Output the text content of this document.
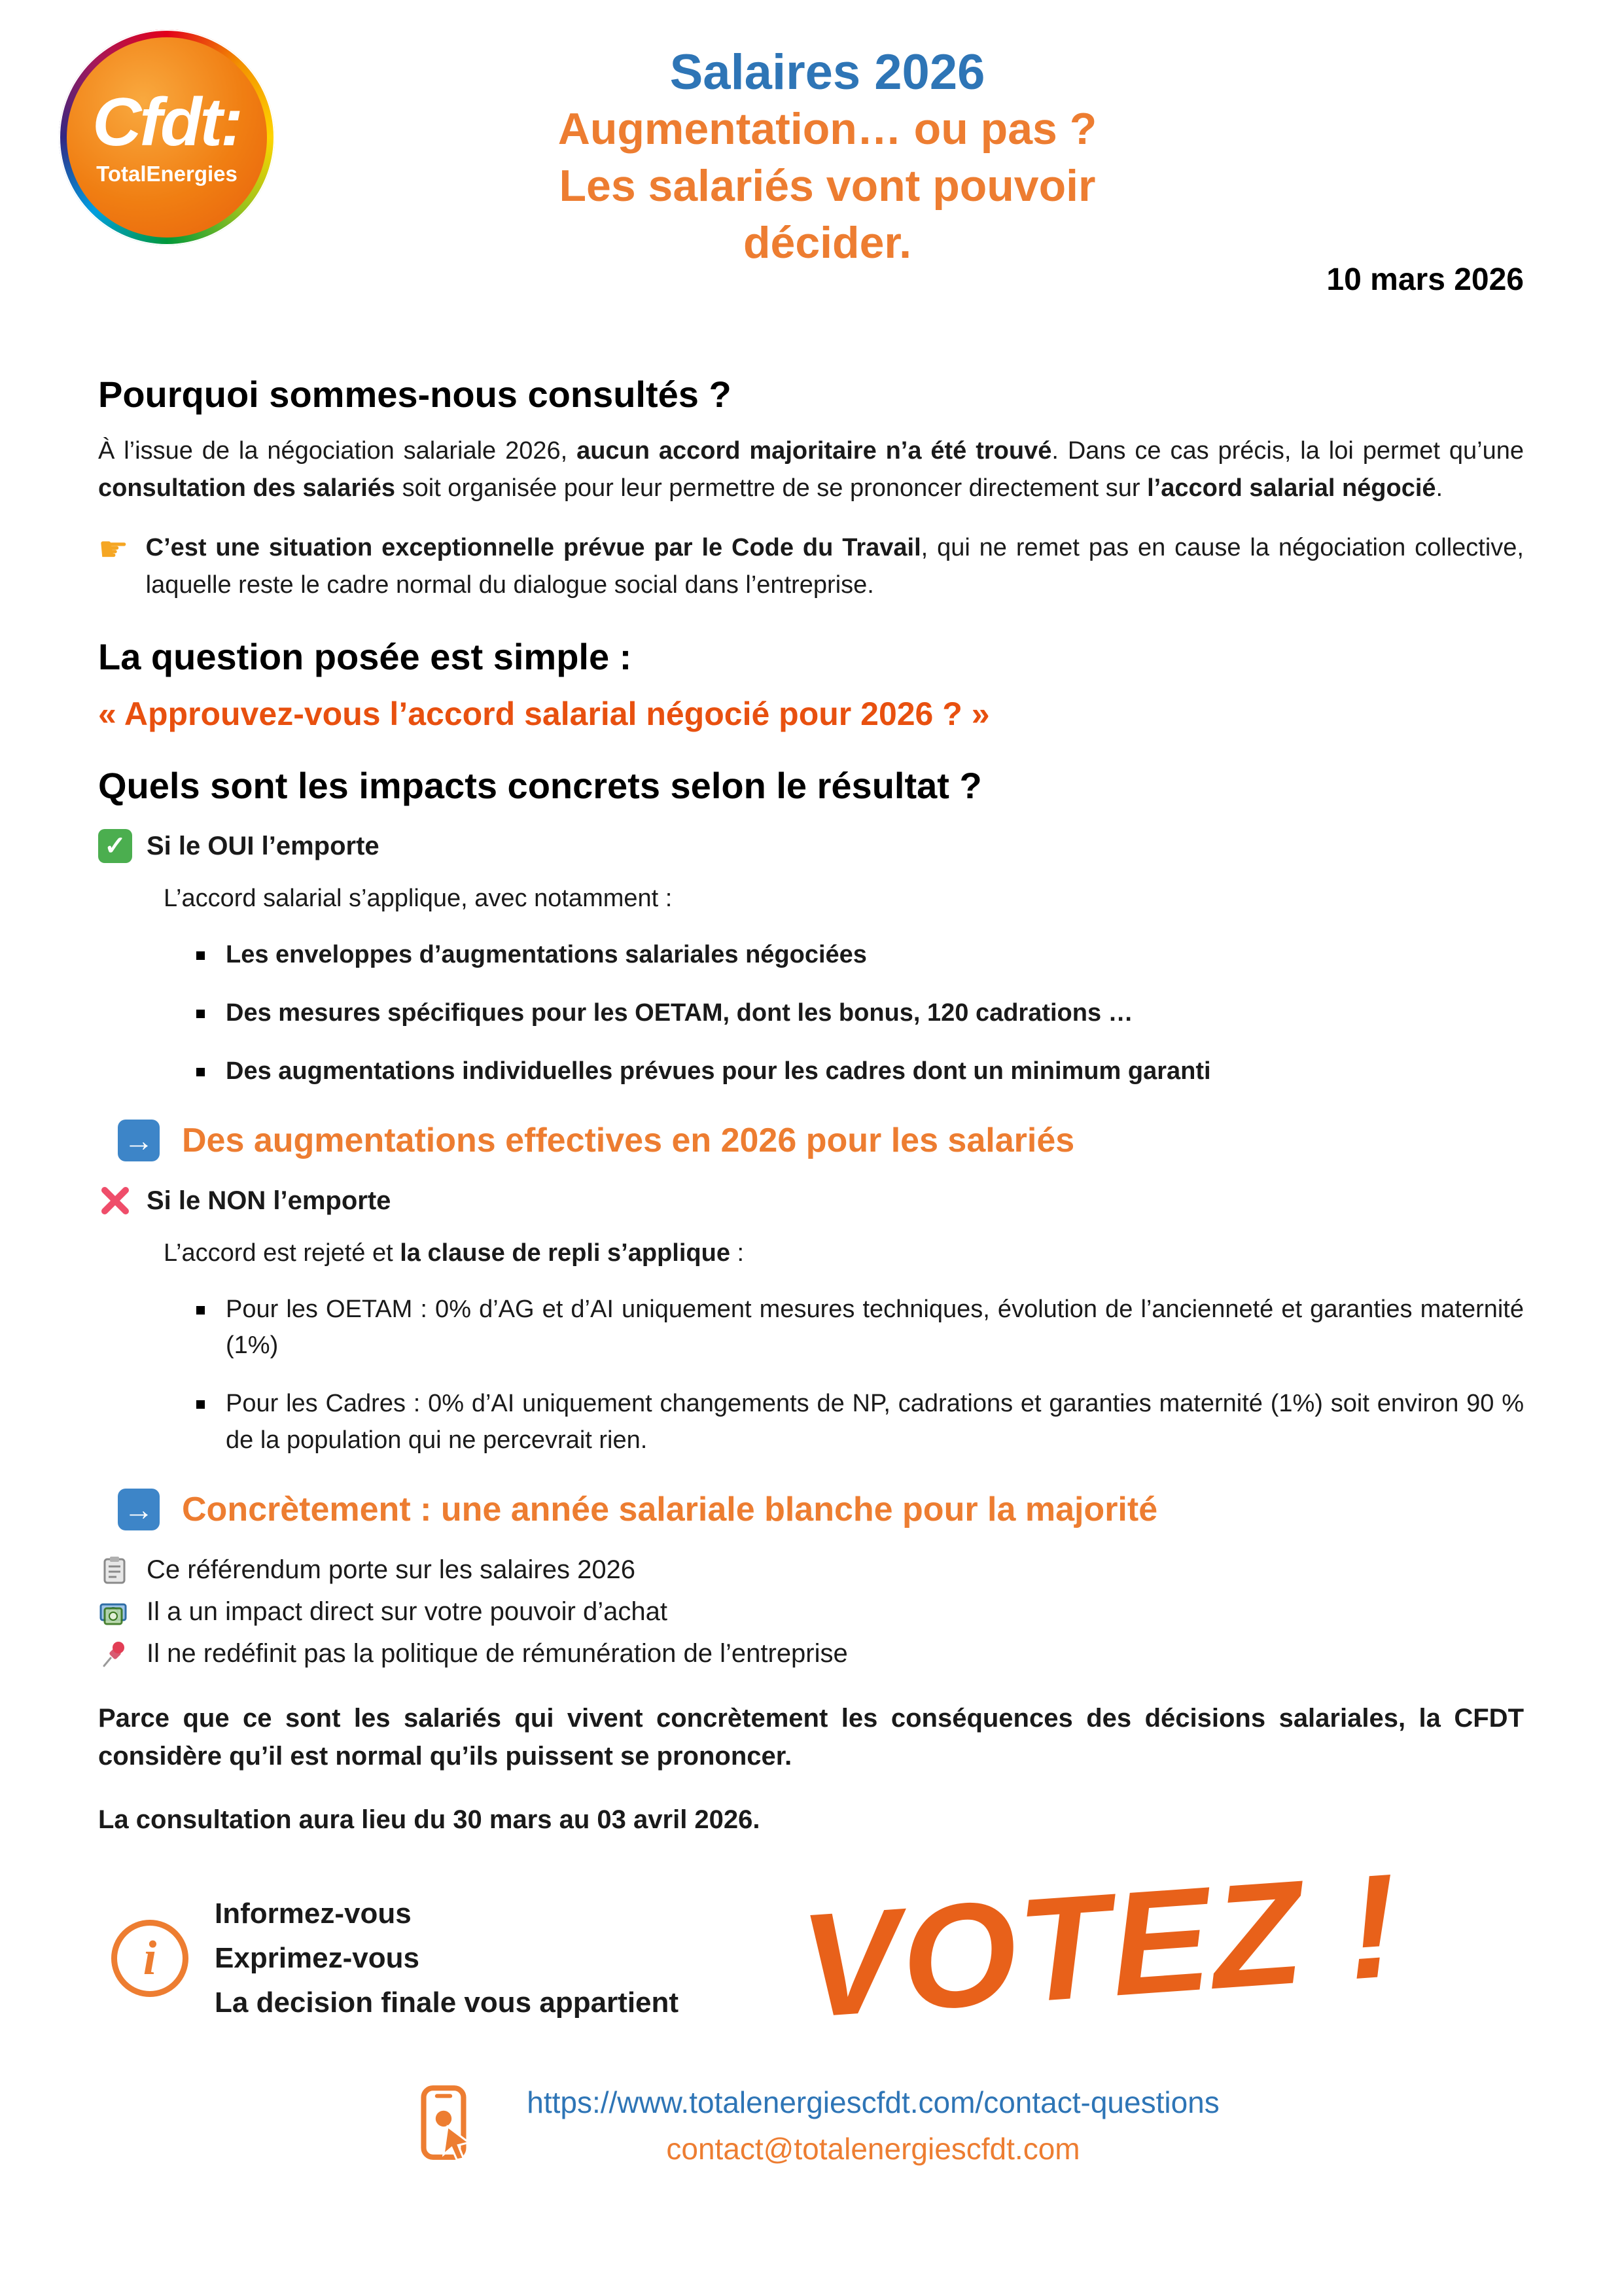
Cfdt:
TotalEnergies
Salaires 2026
Augmentation… ou pas ?
Les salariés vont pouvoir
décider.
10 mars 2026
Pourquoi sommes-nous consultés ?

À l’issue de la négociation salariale 2026, aucun accord majoritaire n’a été trouvé. Dans ce cas précis, la loi permet qu’une consultation des salariés soit organisée pour leur permettre de se prononcer directement sur l’accord salarial négocié.

☛ C’est une situation exceptionnelle prévue par le Code du Travail, qui ne remet pas en cause la négociation collective, laquelle reste le cadre normal du dialogue social dans l’entreprise.

La question posée est simple :
« Approuvez-vous l’accord salarial négocié pour 2026 ? »
Quels sont les impacts concrets selon le résultat ?
✓ Si le OUI l’emporte

L’accord salarial s’applique, avec notamment :

Les enveloppes d’augmentations salariales négociées
Des mesures spécifiques pour les OETAM, dont les bonus, 120 cadrations …
Des augmentations individuelles prévues pour les cadres dont un minimum garanti
→ Des augmentations effectives en 2026 pour les salariés
Si le NON l’emporte

L’accord est rejeté et la clause de repli s’applique :

Pour les OETAM : 0% d’AG et d’AI uniquement mesures techniques, évolution de l’ancienneté et garanties maternité (1%)
Pour les Cadres : 0% d’AI uniquement changements de NP, cadrations et garanties maternité (1%) soit environ 90 % de la population qui ne percevrait rien.
→ Concrètement : une année salariale blanche pour la majorité
Ce référendum porte sur les salaires 2026
Il a un impact direct sur votre pouvoir d’achat
Il ne redéfinit pas la politique de rémunération de l’entreprise

Parce que ce sont les salariés qui vivent concrètement les conséquences des décisions salariales, la CFDT considère qu’il est normal qu’ils puissent se prononcer.

La consultation aura lieu du 30 mars au 03 avril 2026.

i
Informez-vous
Exprimez-vous
La decision finale vous appartient VOTEZ !
https://www.totalenergiescfdt.com/contact-questions
contact@totalenergiescfdt.com
